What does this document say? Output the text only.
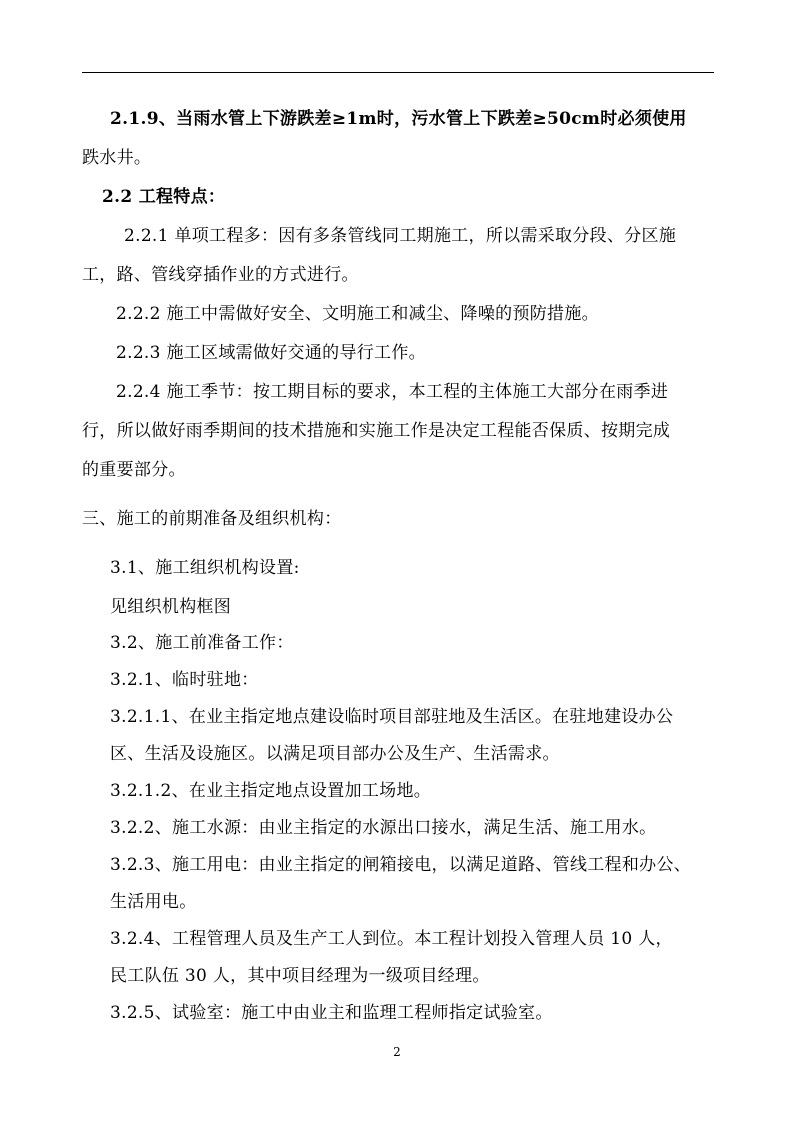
2.1.9、当雨水管上下游跌差≥1m时，污水管上下跌差≥50cm时必须使用
跌水井。
2.2 工程特点：
2.2.1 单项工程多：因有多条管线同工期施工，所以需采取分段、分区施
工，路、管线穿插作业的方式进行。
2.2.2 施工中需做好安全、文明施工和减尘、降噪的预防措施。
2.2.3 施工区域需做好交通的导行工作。
2.2.4 施工季节：按工期目标的要求，本工程的主体施工大部分在雨季进
行，所以做好雨季期间的技术措施和实施工作是决定工程能否保质、按期完成
的重要部分。
三、施工的前期准备及组织机构：
3.1、施工组织机构设置:
见组织机构框图
3.2、施工前准备工作：
3.2.1、临时驻地：
3.2.1.1、在业主指定地点建设临时项目部驻地及生活区。在驻地建设办公
区、生活及设施区。以满足项目部办公及生产、生活需求。
3.2.1.2、在业主指定地点设置加工场地。
3.2.2、施工水源：由业主指定的水源出口接水，满足生活、施工用水。
3.2.3、施工用电：由业主指定的闸箱接电，以满足道路、管线工程和办公、
生活用电。
3.2.4、工程管理人员及生产工人到位。本工程计划投入管理人员 10 人，
民工队伍 30 人，其中项目经理为一级项目经理。
3.2.5、试验室：施工中由业主和监理工程师指定试验室。
2
